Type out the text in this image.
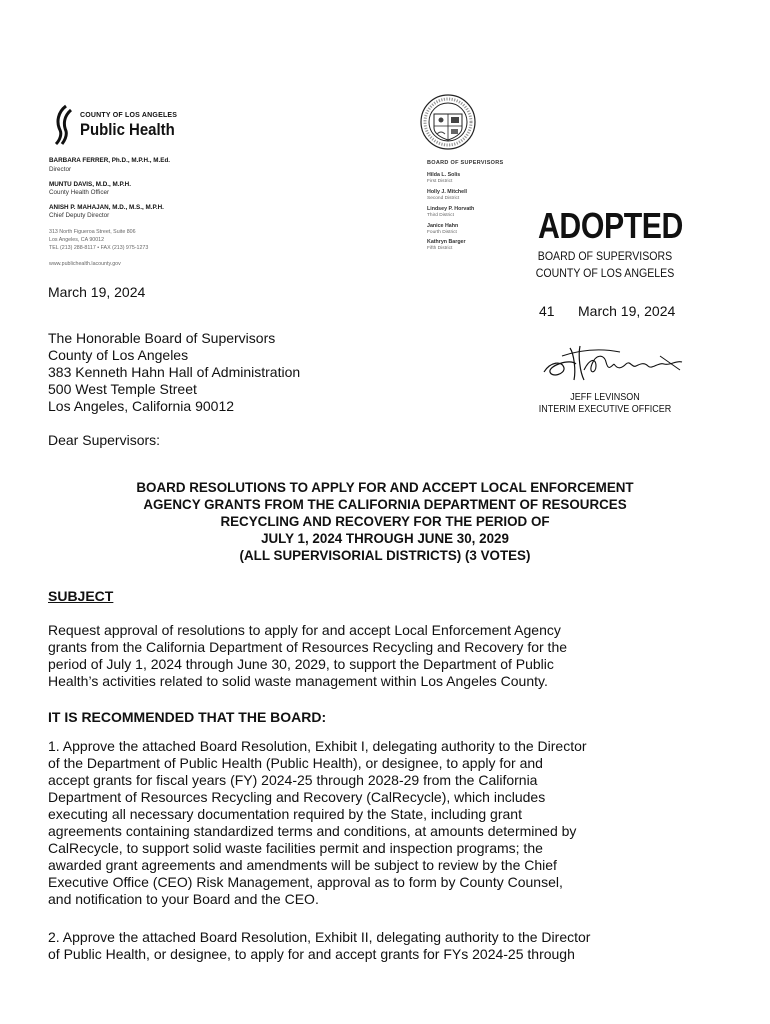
COUNTY OF LOS ANGELES
Public Health
BARBARA FERRER, Ph.D., M.P.H., M.Ed.
Director
MUNTU DAVIS, M.D., M.P.H.
County Health Officer
ANISH P. MAHAJAN, M.D., M.S., M.P.H.
Chief Deputy Director
313 North Figueroa Street, Suite 806
Los Angeles, CA 90012
TEL (213) 288-8117 • FAX (213) 975-1273
www.publichealth.lacounty.gov
BOARD OF SUPERVISORS
Hilda L. Solis
First District
Holly J. Mitchell
Second District
Lindsey P. Horvath
Third District
Janice Hahn
Fourth District
Kathryn Barger
Fifth District
ADOPTED
BOARD OF SUPERVISORS
COUNTY OF LOS ANGELES
41 March 19, 2024
JEFF LEVINSON
INTERIM EXECUTIVE OFFICER
March 19, 2024
The Honorable Board of Supervisors
County of Los Angeles
383 Kenneth Hahn Hall of Administration
500 West Temple Street
Los Angeles, California 90012
Dear Supervisors:
BOARD RESOLUTIONS TO APPLY FOR AND ACCEPT LOCAL ENFORCEMENT
AGENCY GRANTS FROM THE CALIFORNIA DEPARTMENT OF RESOURCES
RECYCLING AND RECOVERY FOR THE PERIOD OF
JULY 1, 2024 THROUGH JUNE 30, 2029
(ALL SUPERVISORIAL DISTRICTS) (3 VOTES)
SUBJECT
Request approval of resolutions to apply for and accept Local Enforcement Agency
grants from the California Department of Resources Recycling and Recovery for the
period of July 1, 2024 through June 30, 2029, to support the Department of Public
Health’s activities related to solid waste management within Los Angeles County.
IT IS RECOMMENDED THAT THE BOARD:
1. Approve the attached Board Resolution, Exhibit I, delegating authority to the Director
of the Department of Public Health (Public Health), or designee, to apply for and
accept grants for fiscal years (FY) 2024-25 through 2028-29 from the California
Department of Resources Recycling and Recovery (CalRecycle), which includes
executing all necessary documentation required by the State, including grant
agreements containing standardized terms and conditions, at amounts determined by
CalRecycle, to support solid waste facilities permit and inspection programs; the
awarded grant agreements and amendments will be subject to review by the Chief
Executive Office (CEO) Risk Management, approval as to form by County Counsel,
and notification to your Board and the CEO.
2. Approve the attached Board Resolution, Exhibit II, delegating authority to the Director
of Public Health, or designee, to apply for and accept grants for FYs 2024-25 through
